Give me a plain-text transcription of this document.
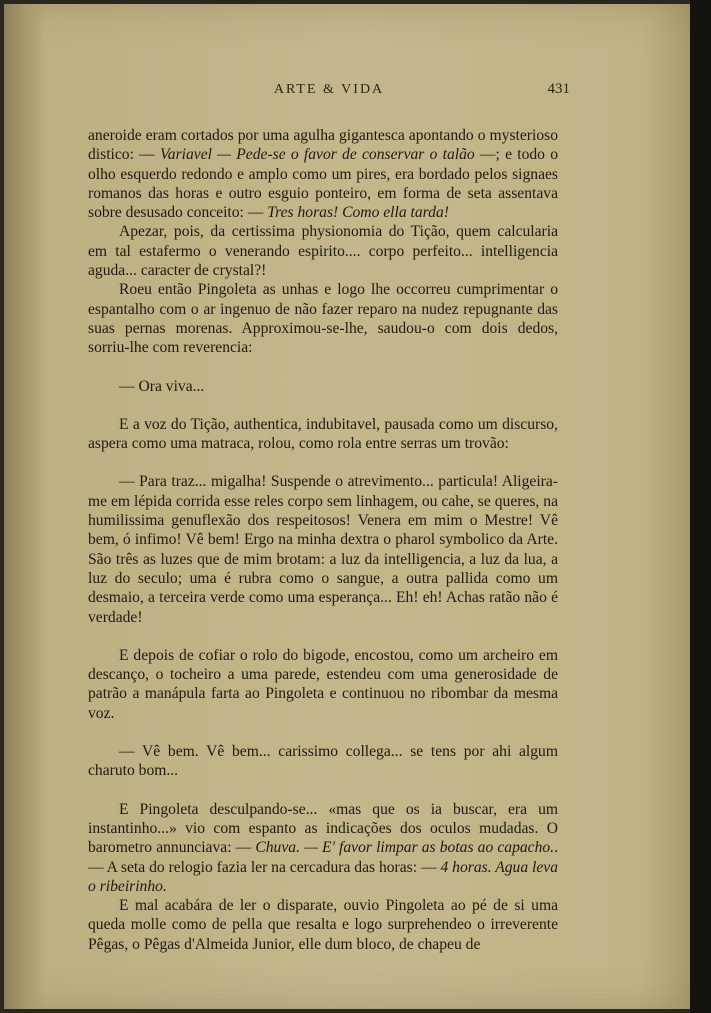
ARTE & VIDA	431

aneroide eram cortados por uma agulha gigantesca apontando o mysterioso distico: — Variavel — Pede-se o favor de conservar o talão —; e todo o olho esquerdo redondo e amplo como um pires, era bordado pelos signaes romanos das horas e outro esguio ponteiro, em forma de seta assentava sobre desusado conceito: — Tres horas! Como ella tarda!

Apezar, pois, da certissima physionomia do Tição, quem calcularia em tal estafermo o venerando espirito.... corpo perfeito... intelligencia aguda... caracter de crystal?!

Roeu então Pingoleta as unhas e logo lhe occorreu cumprimentar o espantalho com o ar ingenuo de não fazer reparo na nudez repugnante das suas pernas morenas. Approximou-se-lhe, saudou-o com dois dedos, sorriu-lhe com reverencia:

— Ora viva...

E a voz do Tição, authentica, indubitavel, pausada como um discurso, aspera como uma matraca, rolou, como rola entre serras um trovão:

— Para traz... migalha! Suspende o atrevimento... particula! Aligeira-me em lépida corrida esse reles corpo sem linhagem, ou cahe, se queres, na humilissima genuflexão dos respeitosos! Venera em mim o Mestre! Vê bem, ó infimo! Vê bem! Ergo na minha dextra o pharol symbolico da Arte. São três as luzes que de mim brotam: a luz da intelligencia, a luz da lua, a luz do seculo; uma é rubra como o sangue, a outra pallida como um desmaio, a terceira verde como uma esperança... Eh! eh! Achas ratão não é verdade!

E depois de cofiar o rolo do bigode, encostou, como um archeiro em descanço, o tocheiro a uma parede, estendeu com uma generosidade de patrão a manápula farta ao Pingoleta e continuou no ribombar da mesma voz.

— Vê bem. Vê bem... carissimo collega... se tens por ahi algum charuto bom...

E Pingoleta desculpando-se... «mas que os ia buscar, era um instantinho...» vio com espanto as indicações dos oculos mudadas. O barometro annunciava: — Chuva. — E' favor limpar as botas ao capacho.. — A seta do relogio fazia ler na cercadura das horas: — 4 horas. Agua leva o ribeirinho.

E mal acabára de ler o disparate, ouvio Pingoleta ao pé de si uma queda molle como de pella que resalta e logo surprehendeo o irreverente Pêgas, o Pêgas d'Almeida Junior, elle dum bloco, de chapeu de
